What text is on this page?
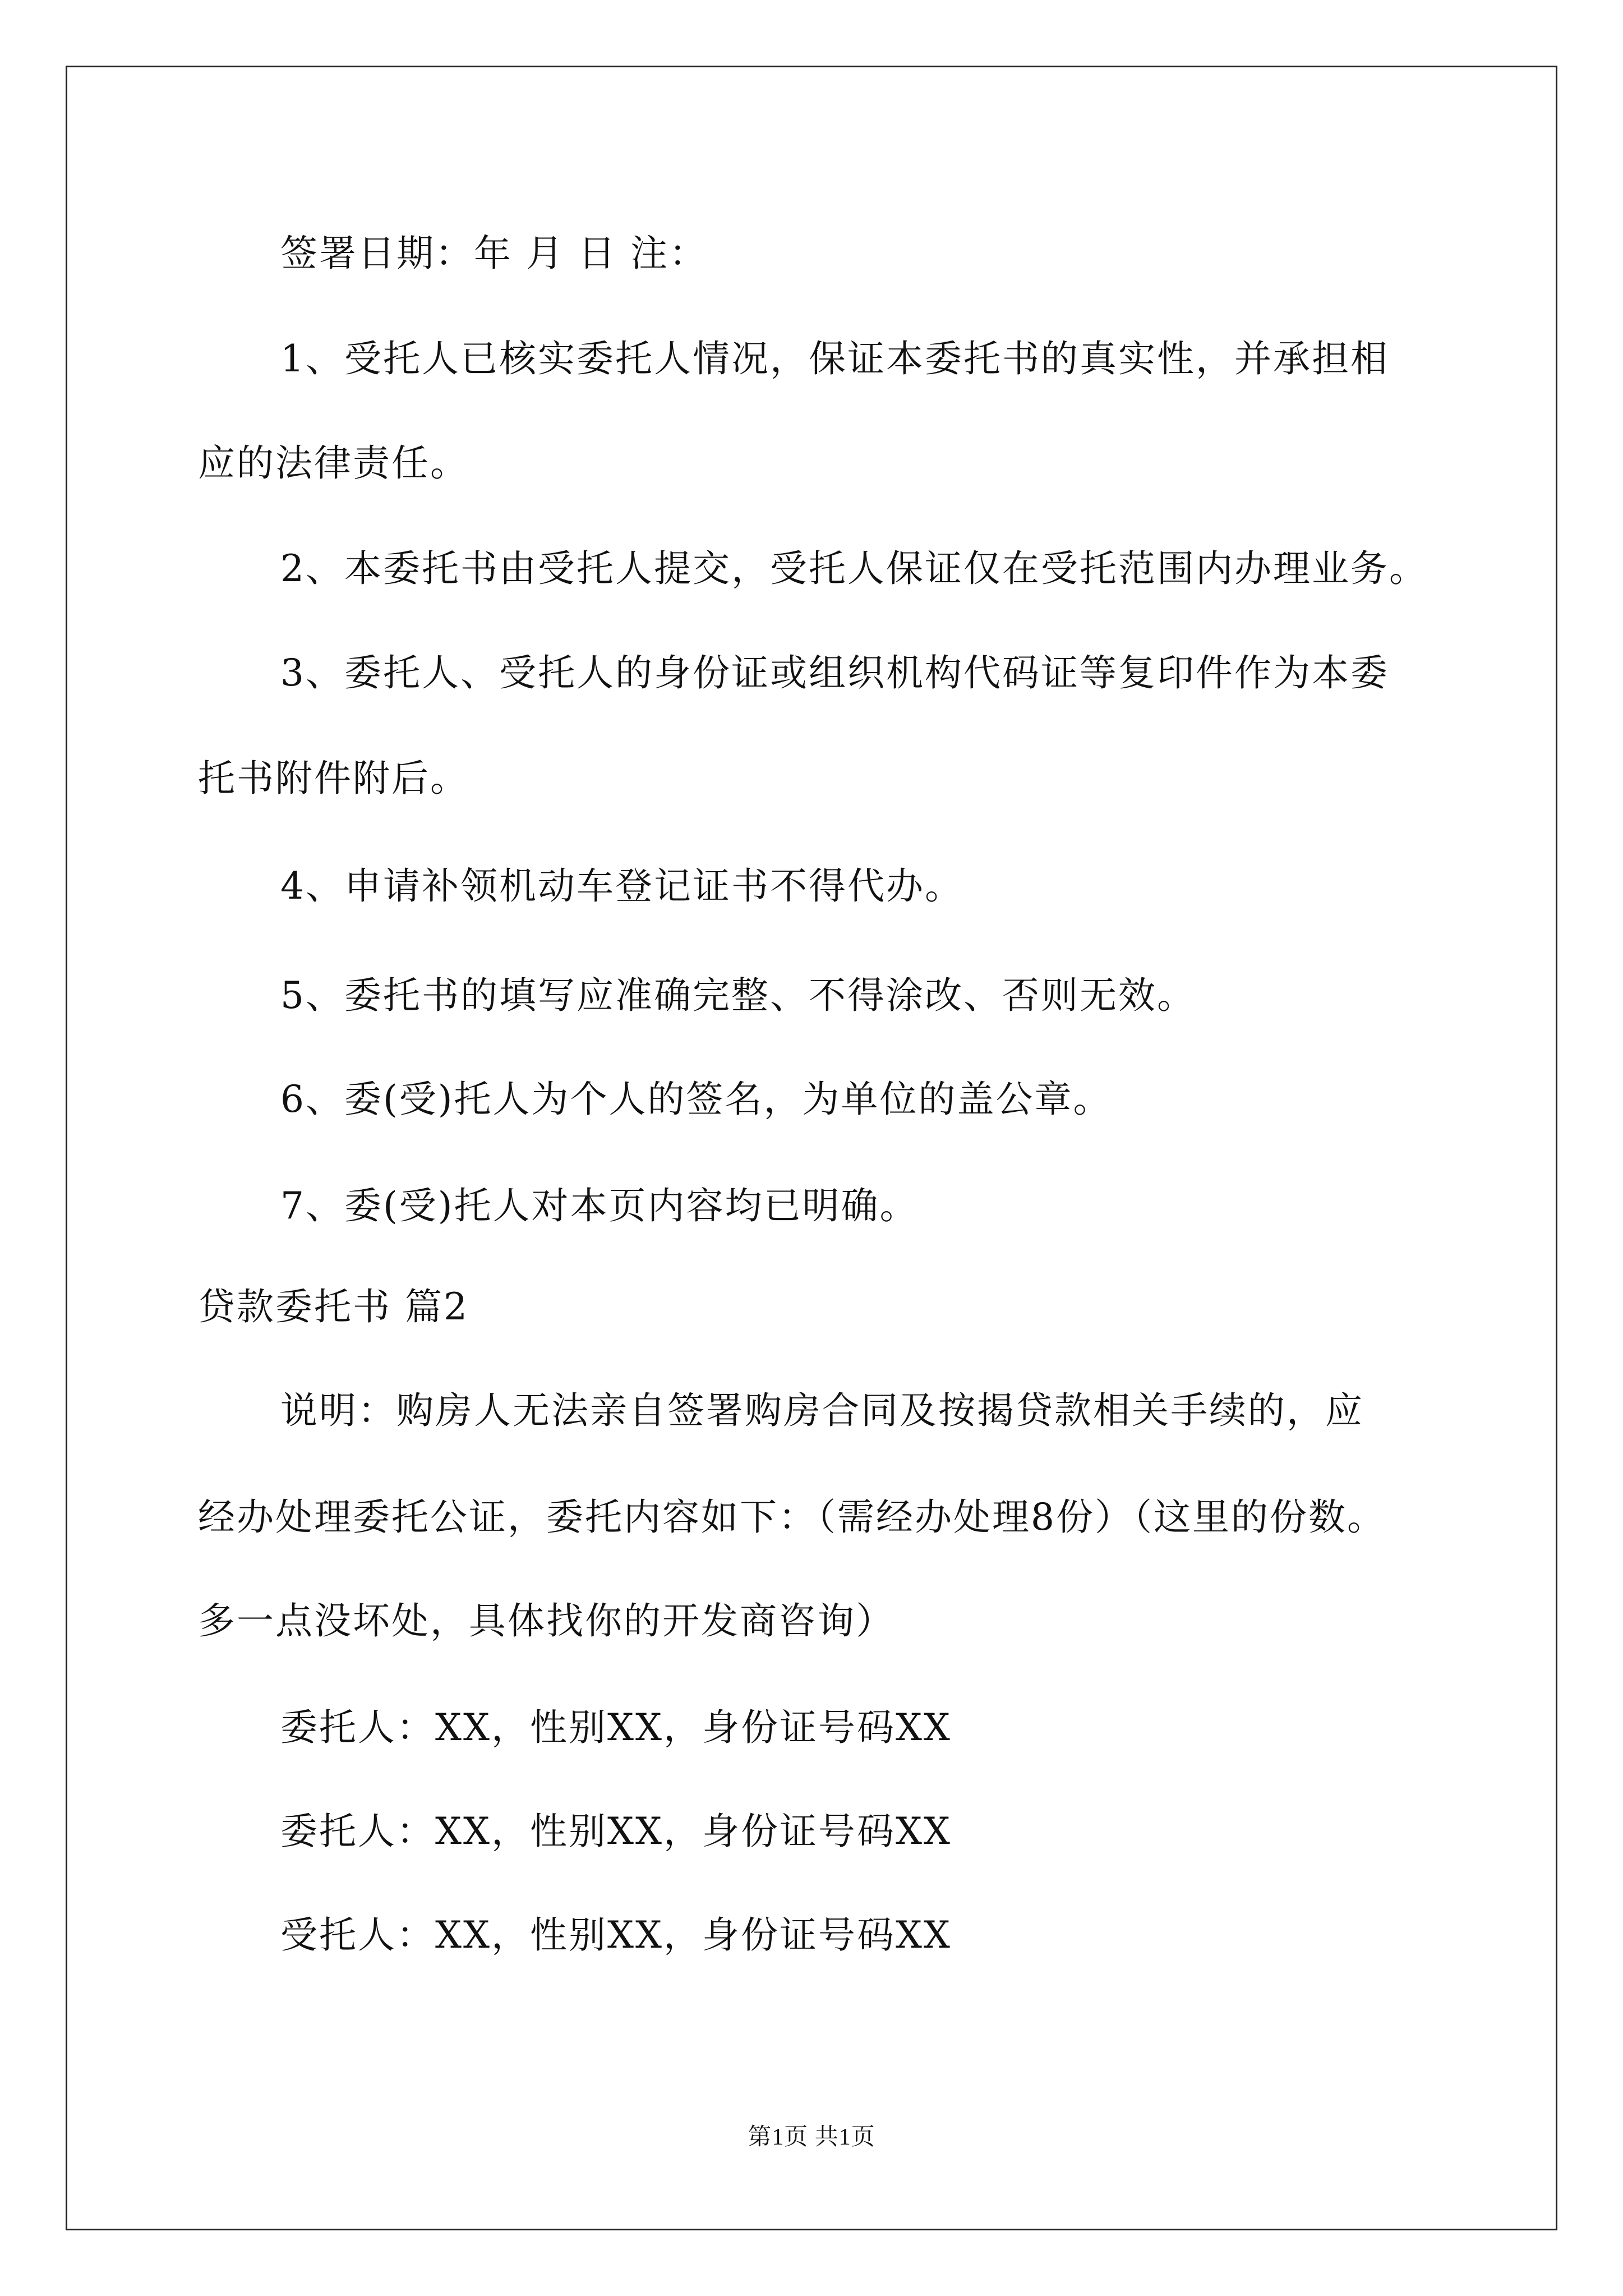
签署日期：年 月 日 注：
1、受托人已核实委托人情况，保证本委托书的真实性，并承担相
应的法律责任。
2、本委托书由受托人提交，受托人保证仅在受托范围内办理业务。
3、委托人、受托人的身份证或组织机构代码证等复印件作为本委
托书附件附后。
4、申请补领机动车登记证书不得代办。
5、委托书的填写应准确完整、不得涂改、否则无效。
6、委(受)托人为个人的签名，为单位的盖公章。
7、委(受)托人对本页内容均已明确。
贷款委托书 篇2
说明：购房人无法亲自签署购房合同及按揭贷款相关手续的，应
经办处理委托公证，委托内容如下：（需经办处理8份）（这里的份数。
多一点没坏处，具体找你的开发商咨询）
委托人：XX，性别XX，身份证号码XX
委托人：XX，性别XX，身份证号码XX
受托人：XX，性别XX，身份证号码XX
第1页 共1页
